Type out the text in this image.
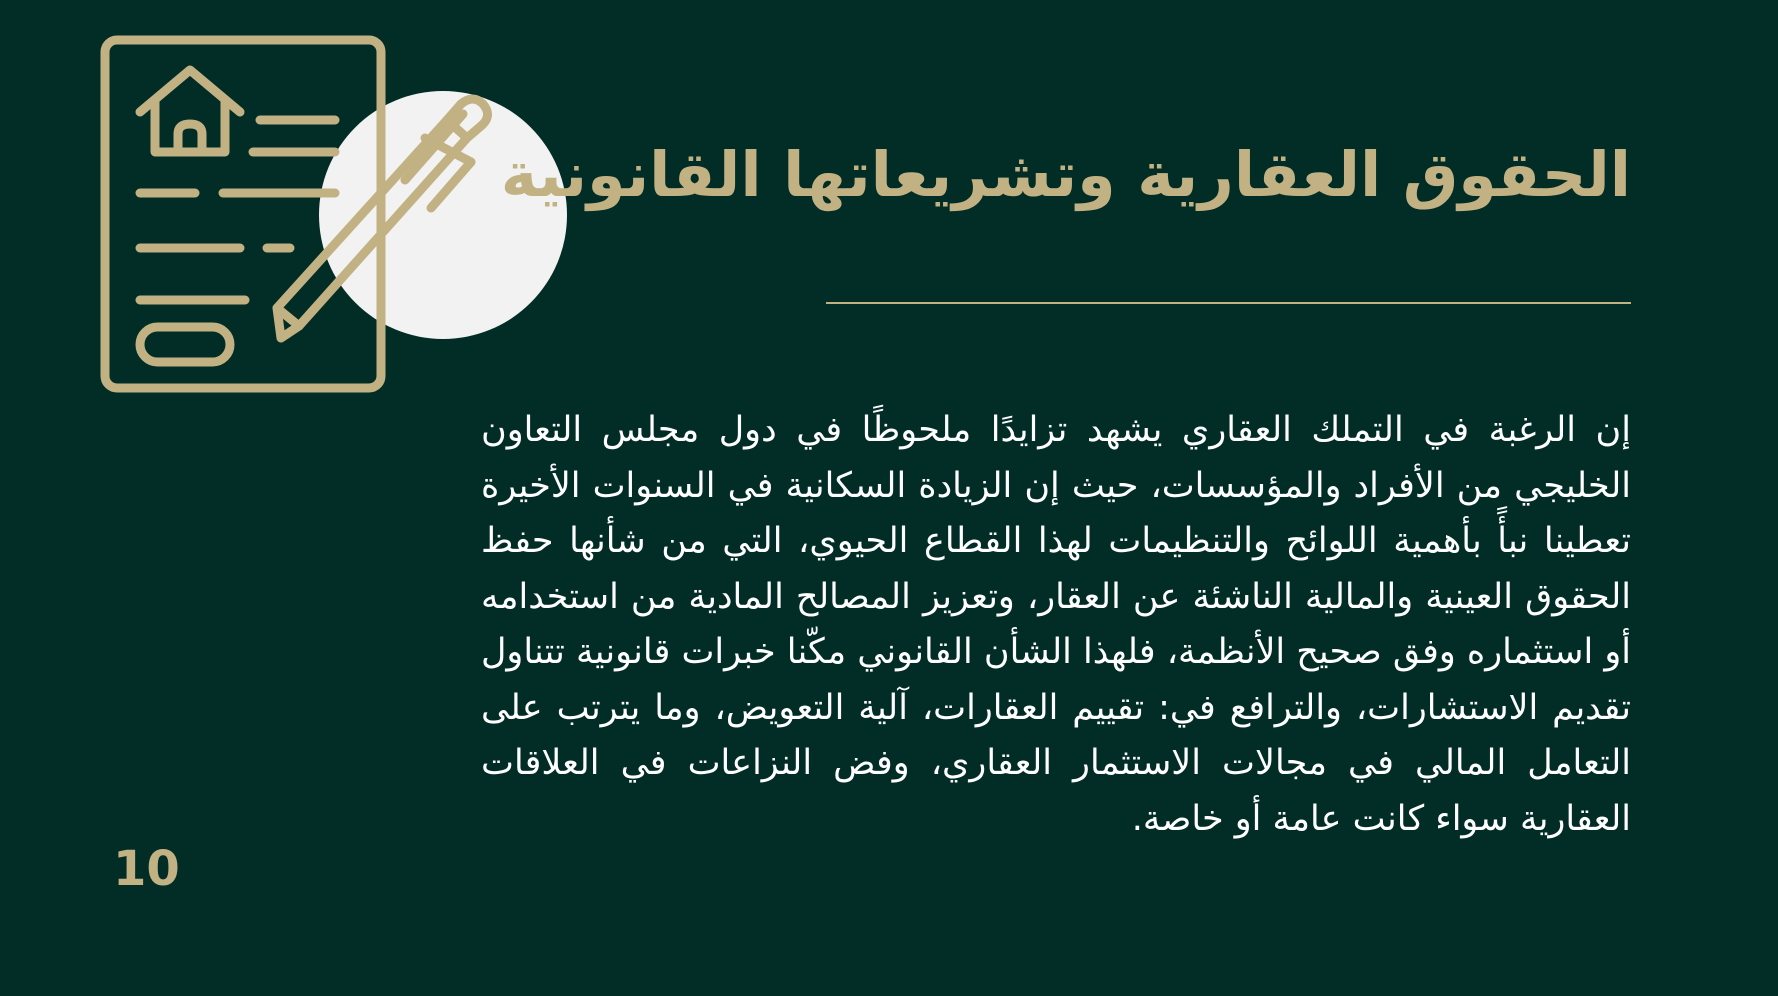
الحقوق العقارية وتشريعاتها القانونية

إن الرغبة في التملك العقاري يشهد تزايدًا ملحوظًا في دول مجلس التعاون الخليجي من الأفراد والمؤسسات، حيث إن الزيادة السكانية في السنوات الأخيرة تعطينا نبأً بأهمية اللوائح والتنظيمات لهذا القطاع الحيوي، التي من شأنها حفظ الحقوق العينية والمالية الناشئة عن العقار، وتعزيز المصالح المادية من استخدامه أو استثماره وفق صحيح الأنظمة، فلهذا الشأن القانوني مكّنا خبرات قانونية تتناول تقديم الاستشارات، والترافع في: تقييم العقارات، آلية التعويض، وما يترتب على التعامل المالي في مجالات الاستثمار العقاري، وفض النزاعات في العلاقات العقارية سواء كانت عامة أو خاصة.

10
